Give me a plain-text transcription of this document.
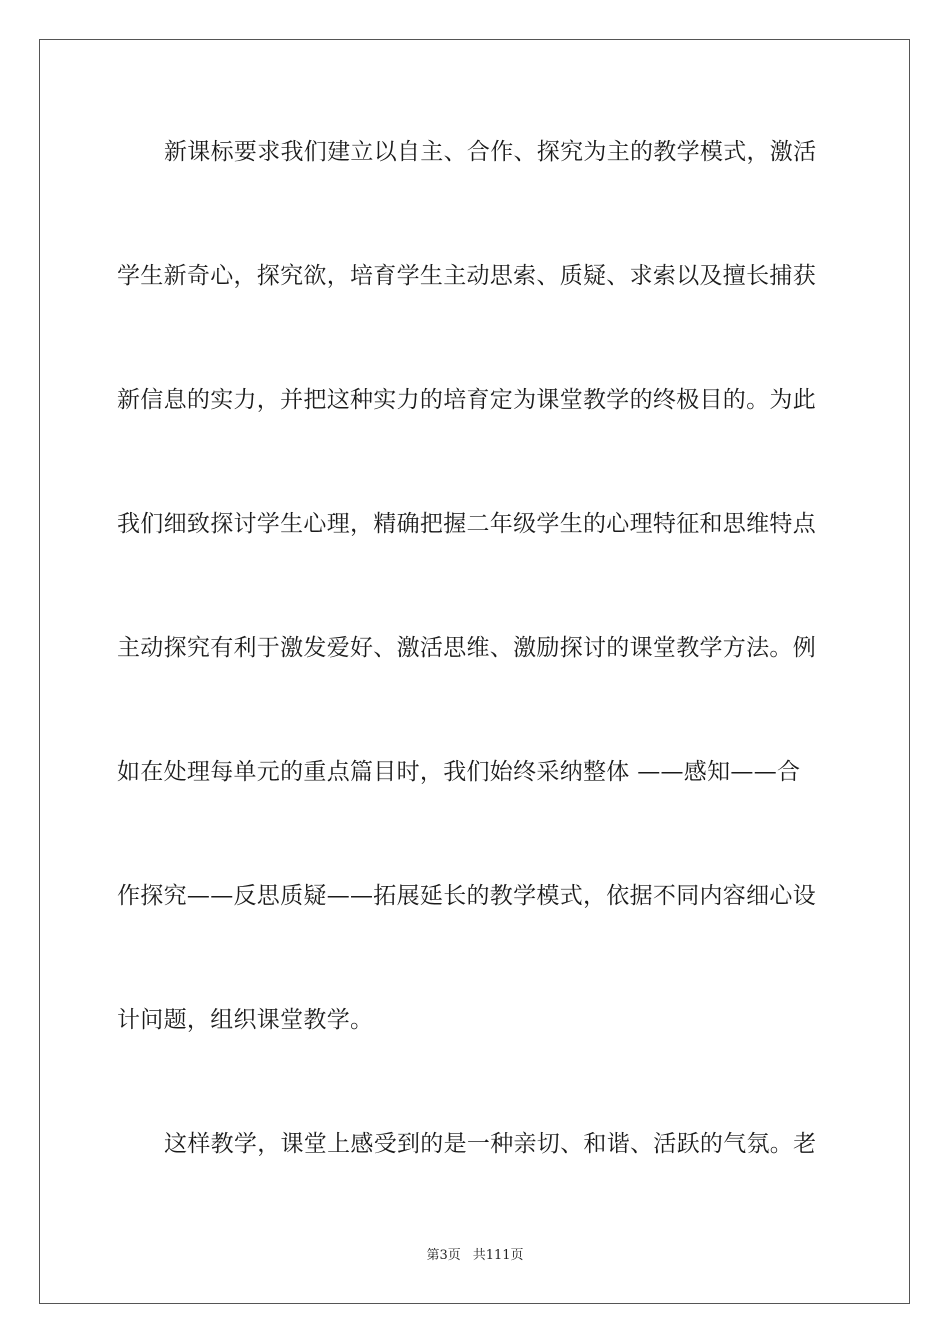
新课标要求我们建立以自主、合作、探究为主的教学模式，激活
学生新奇心，探究欲，培育学生主动思索、质疑、求索以及擅长捕获
新信息的实力，并把这种实力的培育定为课堂教学的终极目的。为此
我们细致探讨学生心理，精确把握二年级学生的心理特征和思维特点
主动探究有利于激发爱好、激活思维、激励探讨的课堂教学方法。例
如在处理每单元的重点篇目时，我们始终采纳整体 ——感知——合
作探究——反思质疑——拓展延长的教学模式，依据不同内容细心设
计问题，组织课堂教学。
这样教学，课堂上感受到的是一种亲切、和谐、活跃的气氛。老
第3页 共111页
